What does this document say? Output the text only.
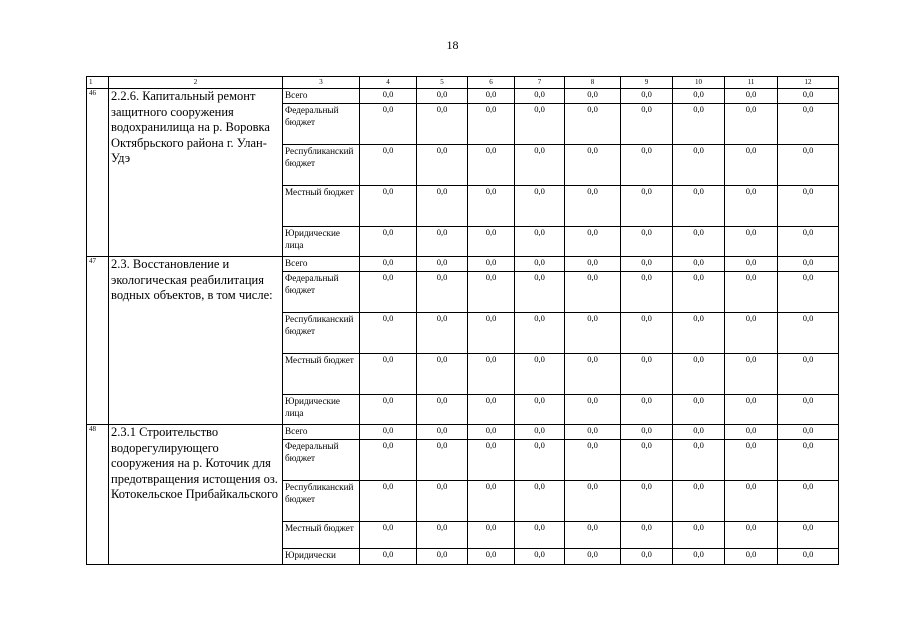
18
1	2	3	4	5	6	7	8	9	10	11	12
46	2.2.6. Капитальный ремонт защитного сооружения водохранилища на р. Воровка Октябрьского района г. Улан-Удэ	Всего	0,0	0,0	0,0	0,0	0,0	0,0	0,0	0,0	0,0
		Федеральный бюджет	0,0	0,0	0,0	0,0	0,0	0,0	0,0	0,0	0,0
		Республиканский бюджет	0,0	0,0	0,0	0,0	0,0	0,0	0,0	0,0	0,0
		Местный бюджет	0,0	0,0	0,0	0,0	0,0	0,0	0,0	0,0	0,0
		Юридические лица	0,0	0,0	0,0	0,0	0,0	0,0	0,0	0,0	0,0
47	2.3. Восстановление и экологическая реабилитация водных объектов, в том числе:	Всего	0,0	0,0	0,0	0,0	0,0	0,0	0,0	0,0	0,0
		Федеральный бюджет	0,0	0,0	0,0	0,0	0,0	0,0	0,0	0,0	0,0
		Республиканский бюджет	0,0	0,0	0,0	0,0	0,0	0,0	0,0	0,0	0,0
		Местный бюджет	0,0	0,0	0,0	0,0	0,0	0,0	0,0	0,0	0,0
		Юридические лица	0,0	0,0	0,0	0,0	0,0	0,0	0,0	0,0	0,0
48	2.3.1 Строительство водорегулирующего сооружения на р. Коточик для предотвращения истощения оз. Котокельское Прибайкальского	Всего	0,0	0,0	0,0	0,0	0,0	0,0	0,0	0,0	0,0
		Федеральный бюджет	0,0	0,0	0,0	0,0	0,0	0,0	0,0	0,0	0,0
		Республиканский бюджет	0,0	0,0	0,0	0,0	0,0	0,0	0,0	0,0	0,0
		Местный бюджет	0,0	0,0	0,0	0,0	0,0	0,0	0,0	0,0	0,0
		Юридически	0,0	0,0	0,0	0,0	0,0	0,0	0,0	0,0	0,0
